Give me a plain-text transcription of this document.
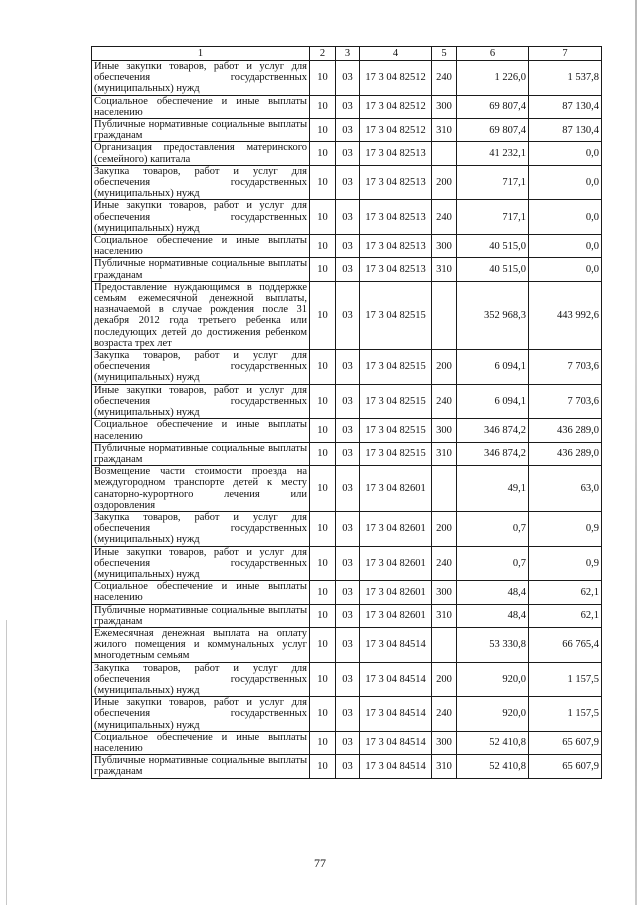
1	2	3	4	5	6	7
Иные закупки товаров, работ и услуг для обеспечения государственных (муниципальных) нужд	10	03	17 3 04 82512	240	1 226,0	1 537,8
Социальное обеспечение и иные выплаты населению	10	03	17 3 04 82512	300	69 807,4	87 130,4
Публичные нормативные социальные выплаты гражданам	10	03	17 3 04 82512	310	69 807,4	87 130,4
Организация предоставления материнского (семейного) капитала	10	03	17 3 04 82513		41 232,1	0,0
Закупка товаров, работ и услуг для обеспечения государственных (муниципальных) нужд	10	03	17 3 04 82513	200	717,1	0,0
Иные закупки товаров, работ и услуг для обеспечения государственных (муниципальных) нужд	10	03	17 3 04 82513	240	717,1	0,0
Социальное обеспечение и иные выплаты населению	10	03	17 3 04 82513	300	40 515,0	0,0
Публичные нормативные социальные выплаты гражданам	10	03	17 3 04 82513	310	40 515,0	0,0
Предоставление нуждающимся в поддержке семьям ежемесячной денежной выплаты, назначаемой в случае рождения после 31 декабря 2012 года третьего ребенка или последующих детей до достижения ребенком возраста трех лет	10	03	17 3 04 82515		352 968,3	443 992,6
Закупка товаров, работ и услуг для обеспечения государственных (муниципальных) нужд	10	03	17 3 04 82515	200	6 094,1	7 703,6
Иные закупки товаров, работ и услуг для обеспечения государственных (муниципальных) нужд	10	03	17 3 04 82515	240	6 094,1	7 703,6
Социальное обеспечение и иные выплаты населению	10	03	17 3 04 82515	300	346 874,2	436 289,0
Публичные нормативные социальные выплаты гражданам	10	03	17 3 04 82515	310	346 874,2	436 289,0
Возмещение части стоимости проезда на междугородном транспорте детей к месту санаторно-курортного лечения или оздоровления	10	03	17 3 04 82601		49,1	63,0
Закупка товаров, работ и услуг для обеспечения государственных (муниципальных) нужд	10	03	17 3 04 82601	200	0,7	0,9
Иные закупки товаров, работ и услуг для обеспечения государственных (муниципальных) нужд	10	03	17 3 04 82601	240	0,7	0,9
Социальное обеспечение и иные выплаты населению	10	03	17 3 04 82601	300	48,4	62,1
Публичные нормативные социальные выплаты гражданам	10	03	17 3 04 82601	310	48,4	62,1
Ежемесячная денежная выплата на оплату жилого помещения и коммунальных услуг многодетным семьям	10	03	17 3 04 84514		53 330,8	66 765,4
Закупка товаров, работ и услуг для обеспечения государственных (муниципальных) нужд	10	03	17 3 04 84514	200	920,0	1 157,5
Иные закупки товаров, работ и услуг для обеспечения государственных (муниципальных) нужд	10	03	17 3 04 84514	240	920,0	1 157,5
Социальное обеспечение и иные выплаты населению	10	03	17 3 04 84514	300	52 410,8	65 607,9
Публичные нормативные социальные выплаты гражданам	10	03	17 3 04 84514	310	52 410,8	65 607,9
77
